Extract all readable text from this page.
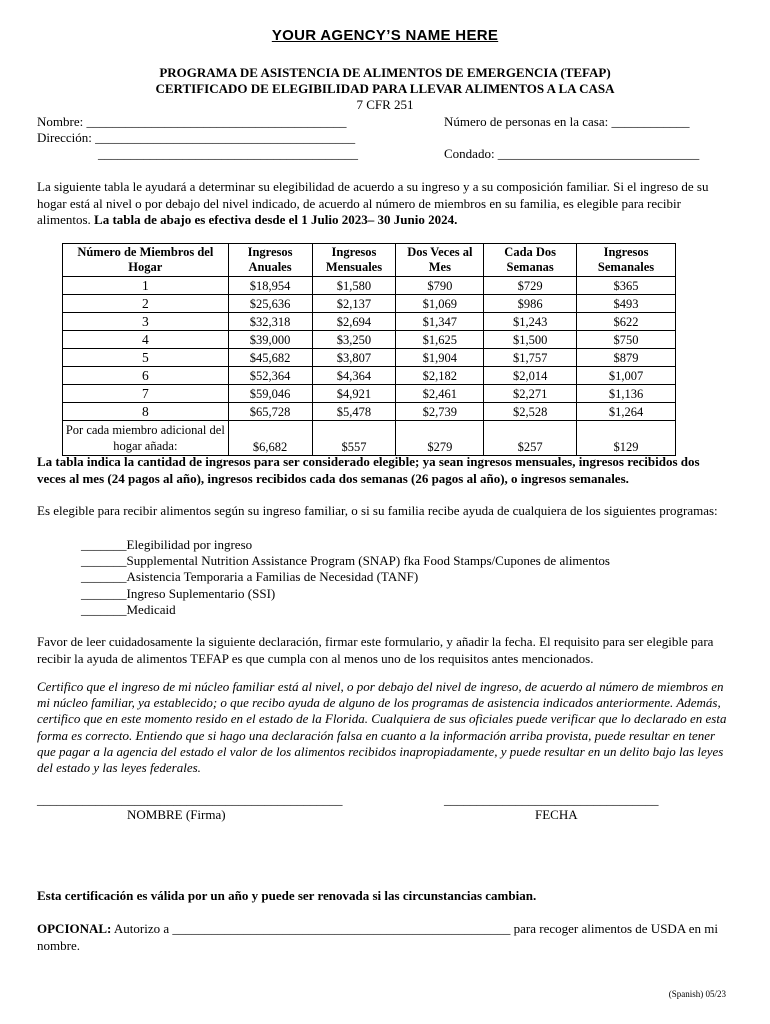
YOUR AGENCY’S NAME HERE
PROGRAMA DE ASISTENCIA DE ALIMENTOS DE EMERGENCIA (TEFAP)
CERTIFICADO DE ELEGIBILIDAD PARA LLEVAR ALIMENTOS A LA CASA
7 CFR 251
Nombre: ________________________________________	Número de personas en la casa: ____________
Dirección: ________________________________________
________________________________________	Condado: _______________________________
La siguiente tabla le ayudará a determinar su elegibilidad de acuerdo a su ingreso y a su composición familiar. Si el ingreso de su hogar está al nivel o por debajo del nivel indicado, de acuerdo al número de miembros en su familia, es elegible para recibir alimentos. La tabla de abajo es efectiva desde el 1 Julio 2023– 30 Junio 2024.
Número de Miembros del Hogar	Ingresos Anuales	Ingresos Mensuales	Dos Veces al Mes	Cada Dos Semanas	Ingresos Semanales
1	$18,954	$1,580	$790	$729	$365
2	$25,636	$2,137	$1,069	$986	$493
3	$32,318	$2,694	$1,347	$1,243	$622
4	$39,000	$3,250	$1,625	$1,500	$750
5	$45,682	$3,807	$1,904	$1,757	$879
6	$52,364	$4,364	$2,182	$2,014	$1,007
7	$59,046	$4,921	$2,461	$2,271	$1,136
8	$65,728	$5,478	$2,739	$2,528	$1,264
Por cada miembro adicional del hogar añada:	$6,682	$557	$279	$257	$129
La tabla indica la cantidad de ingresos para ser considerado elegible; ya sean ingresos mensuales, ingresos recibidos dos veces al mes (24 pagos al año), ingresos recibidos cada dos semanas (26 pagos al año), o ingresos semanales.
Es elegible para recibir alimentos según su ingreso familiar, o si su familia recibe ayuda de cualquiera de los siguientes programas:
_______Elegibilidad por ingreso
_______Supplemental Nutrition Assistance Program (SNAP) fka Food Stamps/Cupones de alimentos
_______Asistencia Temporaria a Familias de Necesidad (TANF)
_______Ingreso Suplementario (SSI)
_______Medicaid
Favor de leer cuidadosamente la siguiente declaración, firmar este formulario, y añadir la fecha. El requisito para ser elegible para recibir la ayuda de alimentos TEFAP es que cumpla con al menos uno de los requisitos antes mencionados.
Certifico que el ingreso de mi núcleo familiar está al nivel, o por debajo del nivel de ingreso, de acuerdo al número de miembros en mi núcleo familiar, ya establecido; o que recibo ayuda de alguno de los programas de asistencia indicados anteriormente. Además, certifico que en este momento resido en el estado de la Florida. Cualquiera de sus oficiales puede verificar que lo declarado en esta forma es correcto. Entiendo que si hago una declaración falsa en cuanto a la información arriba provista, puede resultar en tener que pagar a la agencia del estado el valor de los alimentos recibidos inapropiadamente, y puede resultar en un delito bajo las leyes del estado y las leyes federales.
_______________________________________________
NOMBRE (Firma)
_________________________________
FECHA
Esta certificación es válida por un año y puede ser renovada si las circunstancias cambian.
OPCIONAL: Autorizo a ____________________________________________________ para recoger alimentos de USDA en mi nombre.
(Spanish) 05/23
